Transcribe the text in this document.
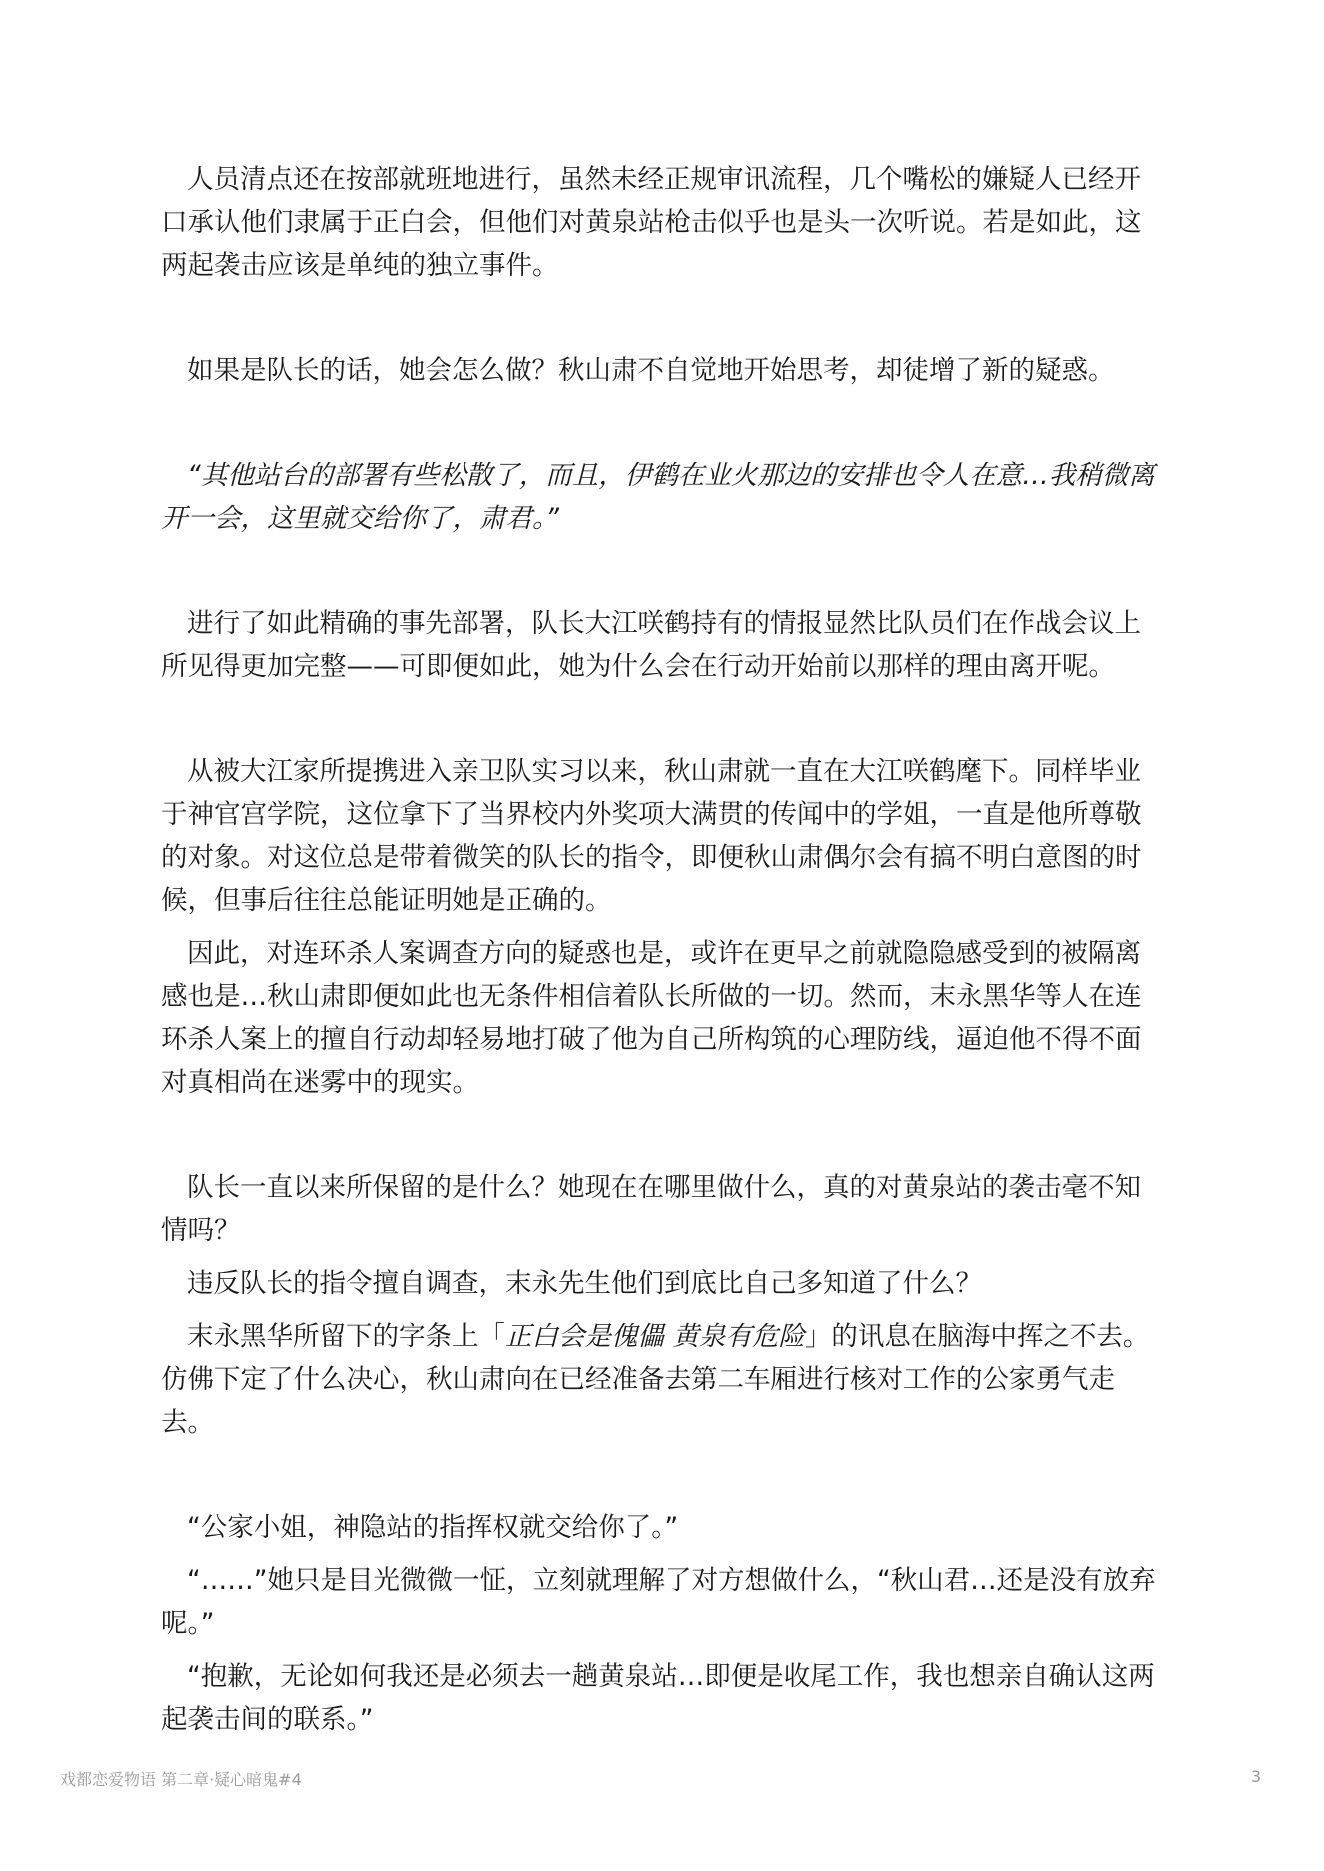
人员清点还在按部就班地进行，虽然未经正规审讯流程，几个嘴松的嫌疑人已经开口承认他们隶属于正白会，但他们对黄泉站枪击似乎也是头一次听说。若是如此，这两起袭击应该是单纯的独立事件。

如果是队长的话，她会怎么做？秋山肃不自觉地开始思考，却徒增了新的疑惑。

“其他站台的部署有些松散了，而且，伊鹤在业火那边的安排也令人在意…我稍微离开一会，这里就交给你了，肃君。”

进行了如此精确的事先部署，队长大江咲鹤持有的情报显然比队员们在作战会议上所见得更加完整——可即便如此，她为什么会在行动开始前以那样的理由离开呢。

从被大江家所提携进入亲卫队实习以来，秋山肃就一直在大江咲鹤麾下。同样毕业于神官宫学院，这位拿下了当界校内外奖项大满贯的传闻中的学姐，一直是他所尊敬的对象。对这位总是带着微笑的队长的指令，即便秋山肃偶尔会有搞不明白意图的时候，但事后往往总能证明她是正确的。

因此，对连环杀人案调查方向的疑惑也是，或许在更早之前就隐隐感受到的被隔离感也是…秋山肃即便如此也无条件相信着队长所做的一切。然而，末永黑华等人在连环杀人案上的擅自行动却轻易地打破了他为自己所构筑的心理防线，逼迫他不得不面对真相尚在迷雾中的现实。

队长一直以来所保留的是什么？她现在在哪里做什么，真的对黄泉站的袭击毫不知情吗？

违反队长的指令擅自调查，末永先生他们到底比自己多知道了什么？

末永黑华所留下的字条上「正白会是傀儡 黄泉有危险」的讯息在脑海中挥之不去。仿佛下定了什么决心，秋山肃向在已经准备去第二车厢进行核对工作的公家勇气走去。

“公家小姐，神隐站的指挥权就交给你了。”

“……”她只是目光微微一怔，立刻就理解了对方想做什么，“秋山君…还是没有放弃呢。”

“抱歉，无论如何我还是必须去一趟黄泉站…即便是收尾工作，我也想亲自确认这两起袭击间的联系。”

戏都恋爱物语 第二章·疑心暗鬼#4	3
